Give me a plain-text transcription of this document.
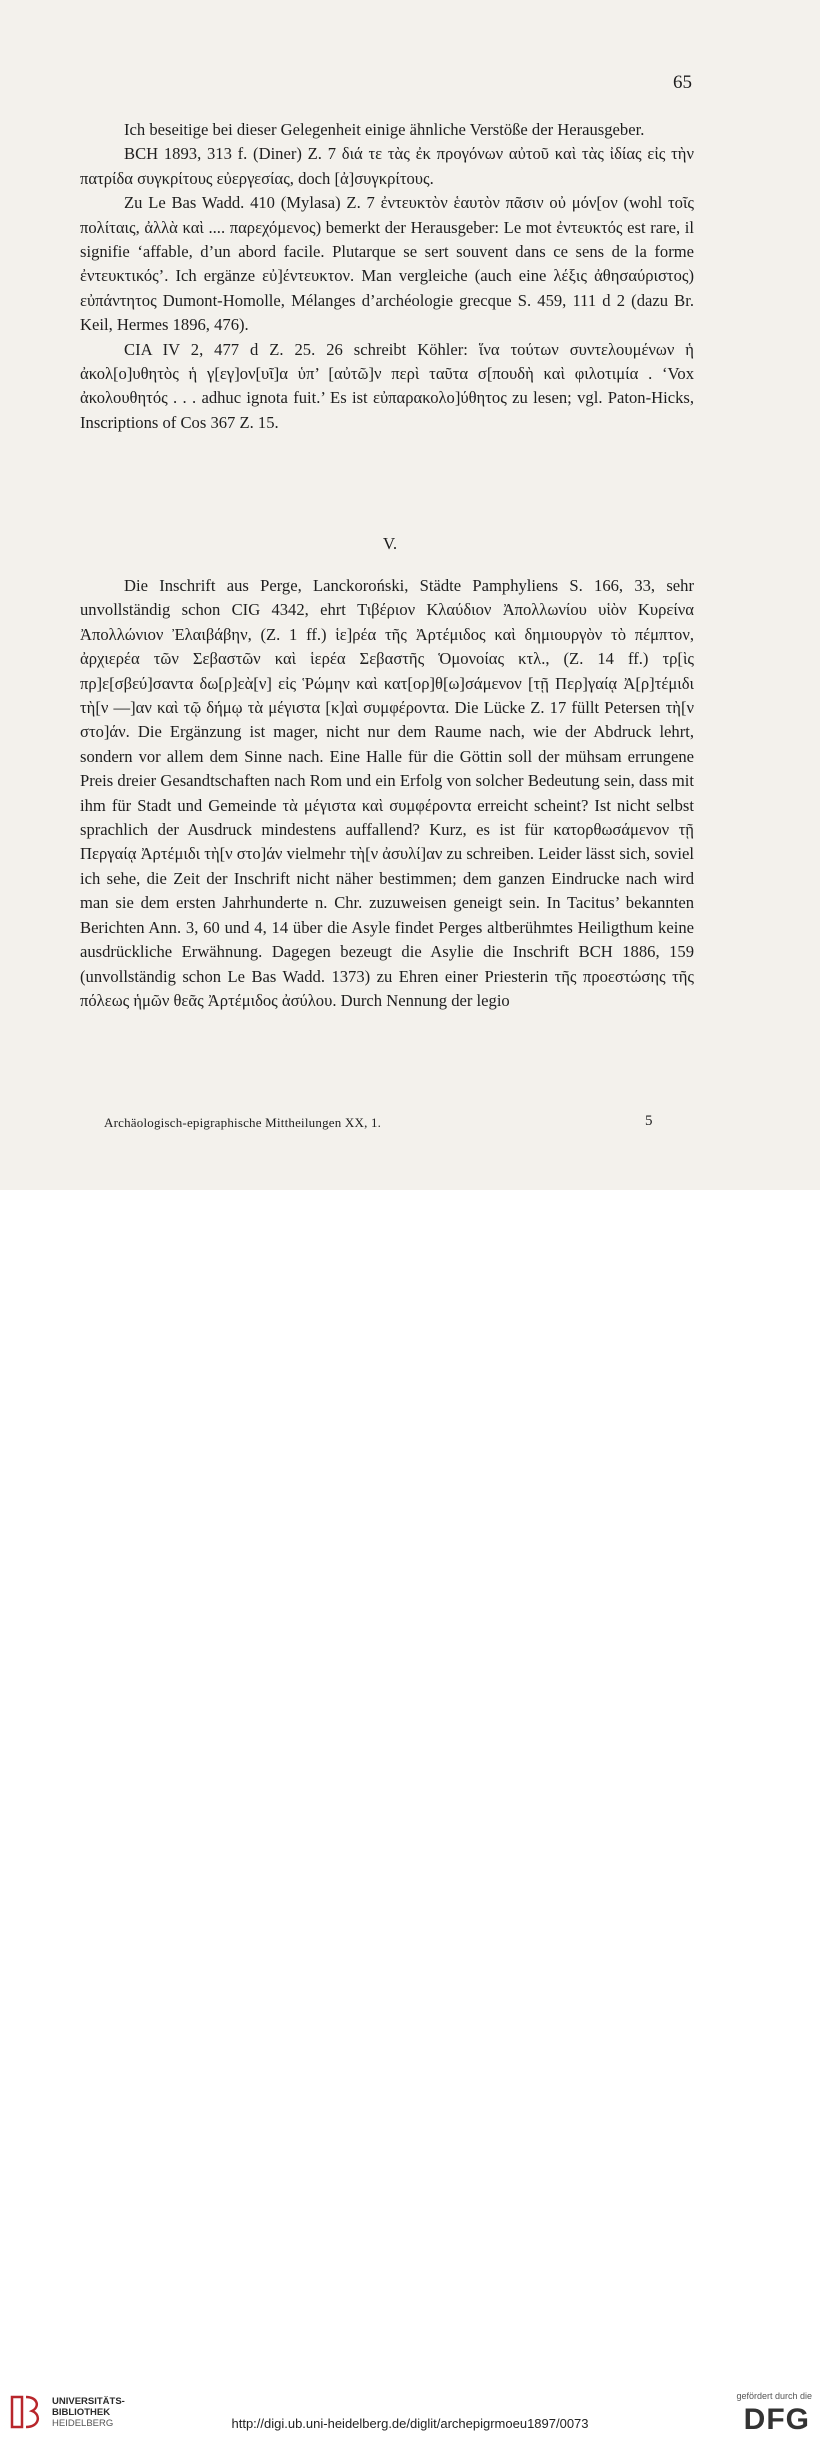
65

Ich beseitige bei dieser Gelegenheit einige ähnliche Verstöße der Herausgeber.

BCH 1893, 313 f. (Diner) Z. 7 διά τε τὰς ἐκ προγόνων αὐτοῦ καὶ τὰς ἰδίας εἰς τὴν πατρίδα συγκρίτους εὐεργεσίας, doch [ἀ]συγκρίτους.

Zu Le Bas Wadd. 410 (Mylasa) Z. 7 ἐντευκτὸν ἑαυτὸν πᾶσιν οὐ μόν[ον (wohl τοῖς πολίταις, ἀλλὰ καὶ .... παρεχόμενος) bemerkt der Herausgeber: Le mot ἐντευκτός est rare, il signifie ‘affable, d’un abord facile. Plutarque se sert souvent dans ce sens de la forme ἐντευκτικός’. Ich ergänze εὐ]έντευκτον. Man vergleiche (auch eine λέξις ἀθησαύριστος) εὐπάντητος Dumont-Homolle, Mélanges d’archéologie grecque S. 459, 111 d 2 (dazu Br. Keil, Hermes 1896, 476).

CIA IV 2, 477 d Z. 25. 26 schreibt Köhler: ἵνα τούτων συντελουμένων ἡ ἀκολ[ο]υθητὸς ἡ γ[εγ]ον[υῖ]α ὑπ’ [αὐτῶ]ν περὶ ταῦτα σ[πουδὴ καὶ φιλοτιμία . ‘Vox ἀκολουθητός . . . adhuc ignota fuit.’ Es ist εὐπαρακολο]ύθητος zu lesen; vgl. Paton-Hicks, Inscriptions of Cos 367 Z. 15.

V.

Die Inschrift aus Perge, Lanckoroński, Städte Pamphyliens S. 166, 33, sehr unvollständig schon CIG 4342, ehrt Τιβέριον Κλαύδιον Ἀπολλωνίου υἱὸν Κυρείνα Ἀπολλώνιον Ἐλαιβάβην, (Z. 1 ff.) ἱε]ρέα τῆς Ἀρτέμιδος καὶ δημιουργὸν τὸ πέμπτον, ἀρχιερέα τῶν Σεβαστῶν καὶ ἱερέα Σεβαστῆς Ὁμονοίας κτλ., (Z. 14 ff.) τρ[ὶς πρ]ε[σβεύ]σαντα δω[ρ]εὰ[ν] εἰς Ῥώμην καὶ κατ[ορ]θ[ω]σάμενον [τῇ Περ]γαίᾳ Ἀ[ρ]τέμιδι τὴ[ν —]αν καὶ τῷ δήμῳ τὰ μέγιστα [κ]αὶ συμφέροντα. Die Lücke Z. 17 füllt Petersen τὴ[ν στο]άν. Die Ergänzung ist mager, nicht nur dem Raume nach, wie der Abdruck lehrt, sondern vor allem dem Sinne nach. Eine Halle für die Göttin soll der mühsam errungene Preis dreier Gesandtschaften nach Rom und ein Erfolg von solcher Bedeutung sein, dass mit ihm für Stadt und Gemeinde τὰ μέγιστα καὶ συμφέροντα erreicht scheint? Ist nicht selbst sprachlich der Ausdruck mindestens auffallend? Kurz, es ist für κατορθωσάμενον τῇ Περγαίᾳ Ἀρτέμιδι τὴ[ν στο]άν vielmehr τὴ[ν ἀσυλί]αν zu schreiben. Leider lässt sich, soviel ich sehe, die Zeit der Inschrift nicht näher bestimmen; dem ganzen Eindrucke nach wird man sie dem ersten Jahrhunderte n. Chr. zuzuweisen geneigt sein. In Tacitus’ bekannten Berichten Ann. 3, 60 und 4, 14 über die Asyle findet Perges altberühmtes Heiligthum keine ausdrückliche Erwähnung. Dagegen bezeugt die Asylie die Inschrift BCH 1886, 159 (unvollständig schon Le Bas Wadd. 1373) zu Ehren einer Priesterin τῆς προεστώσης τῆς πόλεως ἡμῶν θεᾶς Ἀρτέμιδος ἀσύλου. Durch Nennung der legio

Archäologisch-epigraphische Mittheilungen XX, 1.	5
UNIVERSITÄTS-
BIBLIOTHEK
HEIDELBERG	http://digi.ub.uni-heidelberg.de/diglit/archepigrmoeu1897/0073
gefördert durch die
DFG
